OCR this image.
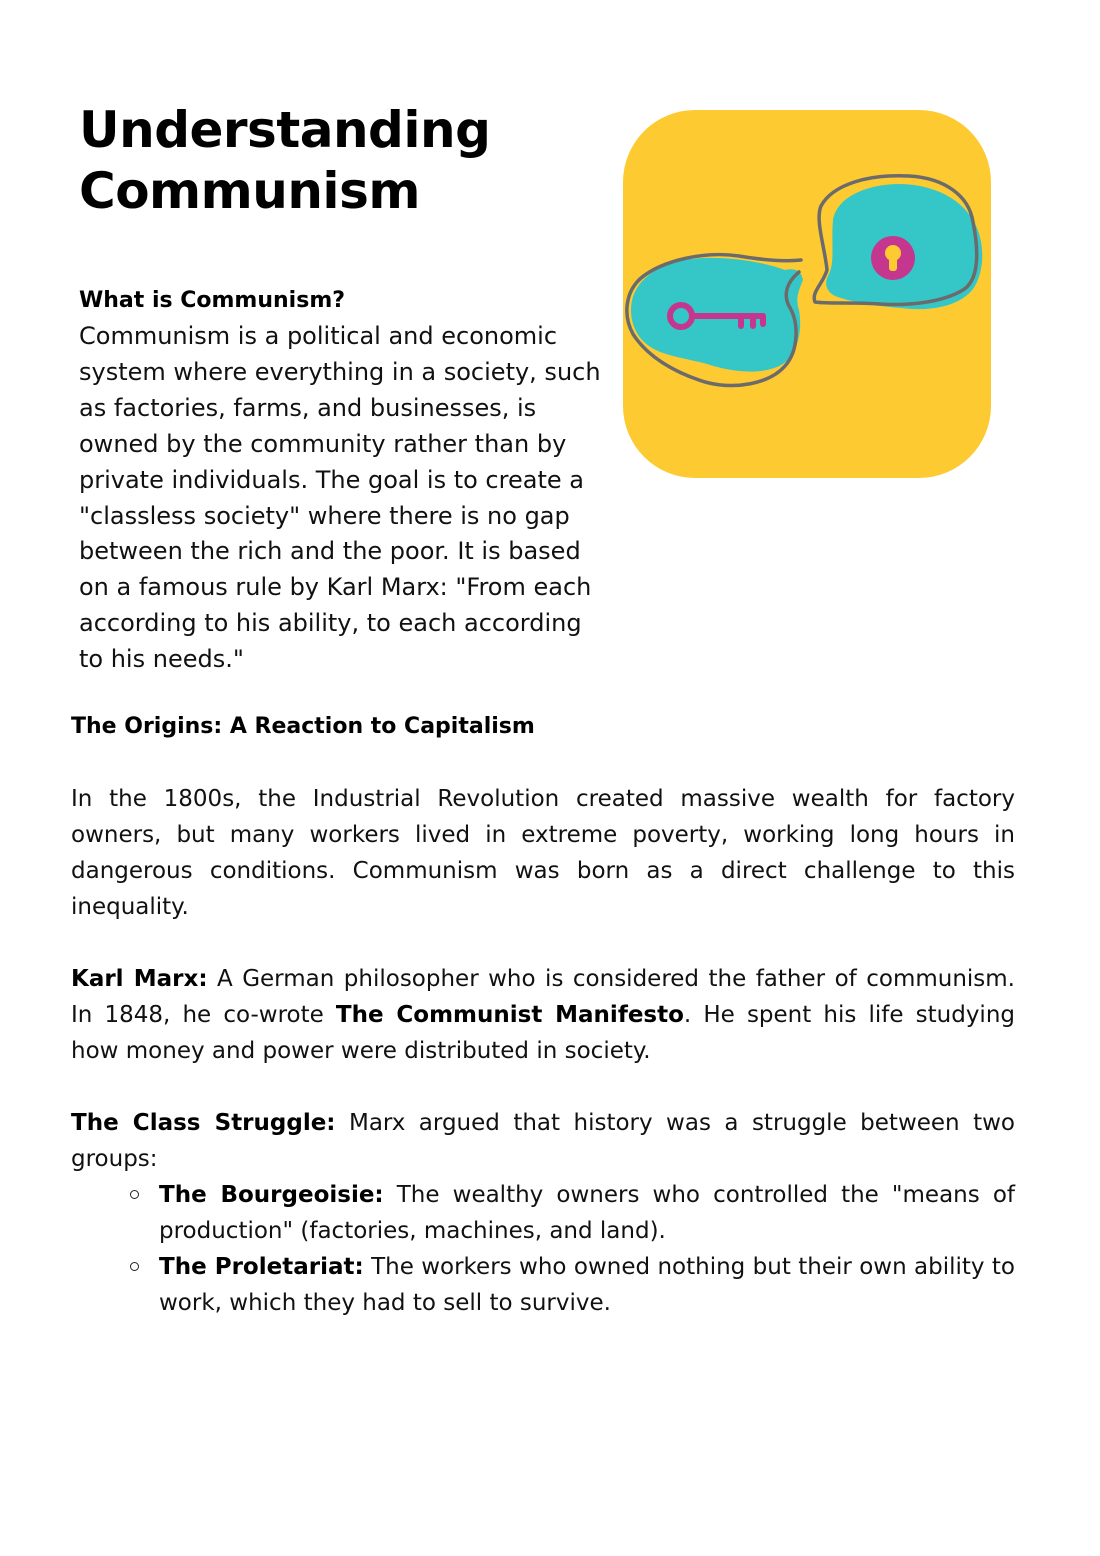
Understanding
Communism
What is Communism?

Communism is a political and economic
system where everything in a society, such
as factories, farms, and businesses, is
owned by the community rather than by
private individuals. The goal is to create a
"classless society" where there is no gap
between the rich and the poor. It is based
on a famous rule by Karl Marx: "From each
according to his ability, to each according
to his needs."

The Origins: A Reaction to Capitalism

In the 1800s, the Industrial Revolution created massive wealth for factory owners, but many workers lived in extreme poverty, working long hours in dangerous conditions. Communism was born as a direct challenge to this inequality.

Karl Marx: A German philosopher who is considered the father of communism. In 1848, he co-wrote The Communist Manifesto. He spent his life studying how money and power were distributed in society.

The Class Struggle: Marx argued that history was a struggle between two groups:

The Bourgeoisie: The wealthy owners who controlled the "means of production" (factories, machines, and land).
The Proletariat: The workers who owned nothing but their own ability to work, which they had to sell to survive.
